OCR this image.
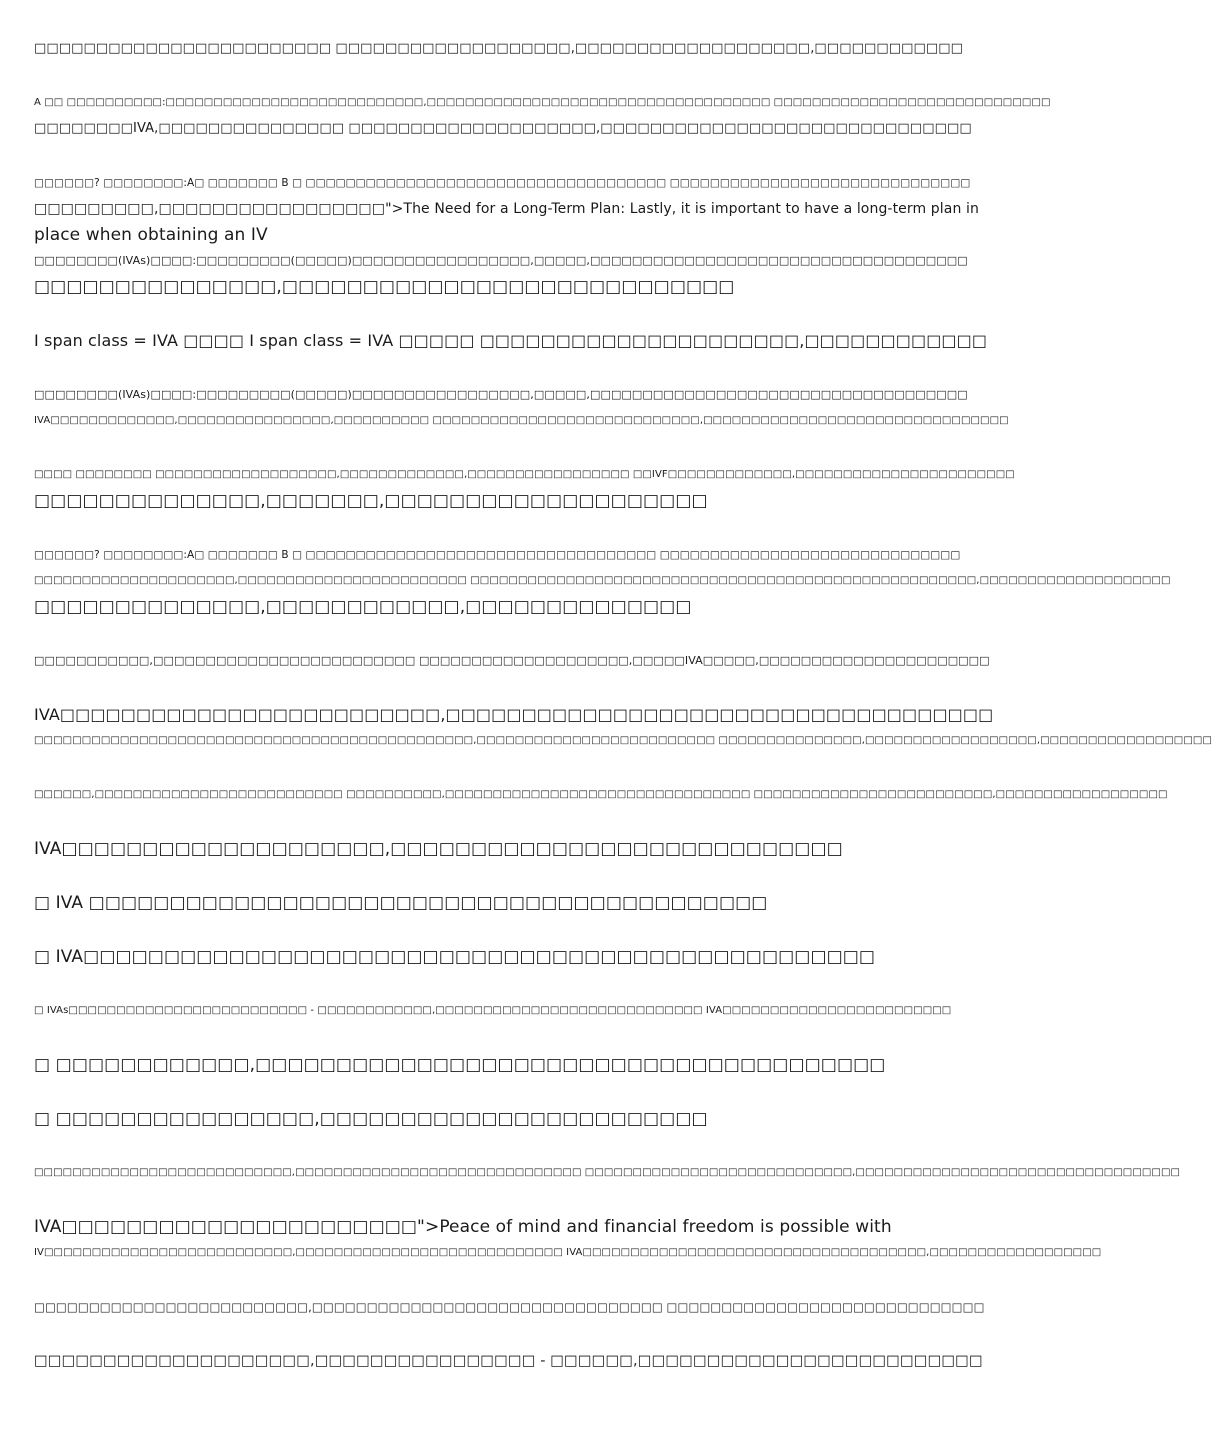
□□□□□□□□□□□□□□□□□□□□□□□□ □□□□□□□□□□□□□□□□□□□,□□□□□□□□□□□□□□□□□□□,□□□□□□□□□□□□

A □□ □□□□□□□□□□:□□□□□□□□□□□□□□□□□□□□□□□□□□□,□□□□□□□□□□□□□□□□□□□□□□□□□□□□□□□□□□□□ □□□□□□□□□□□□□□□□□□□□□□□□□□□□□
□□□□□□□□IVA,□□□□□□□□□□□□□□□ □□□□□□□□□□□□□□□□□□□□,□□□□□□□□□□□□□□□□□□□□□□□□□□□□□□

□□□□□□? □□□□□□□□:A□ □□□□□□□ B □ □□□□□□□□□□□□□□□□□□□□□□□□□□□□□□□□□□□□ □□□□□□□□□□□□□□□□□□□□□□□□□□□□□□
□□□□□□□□□,□□□□□□□□□□□□□□□□□">The Need for a Long-Term Plan: Lastly, it is important to have a long-term plan in
place when obtaining an IV
□□□□□□□□(IVAs)□□□□:□□□□□□□□□(□□□□□)□□□□□□□□□□□□□□□□□,□□□□□,□□□□□□□□□□□□□□□□□□□□□□□□□□□□□□□□□□□□
□□□□□□□□□□□□□□□,□□□□□□□□□□□□□□□□□□□□□□□□□□□□

I span class = IVA □□□□ I span class = IVA □□□□□ □□□□□□□□□□□□□□□□□□□□□,□□□□□□□□□□□□

□□□□□□□□(IVAs)□□□□:□□□□□□□□□(□□□□□)□□□□□□□□□□□□□□□□□,□□□□□,□□□□□□□□□□□□□□□□□□□□□□□□□□□□□□□□□□□□
IVA□□□□□□□□□□□□□,□□□□□□□□□□□□□□□□,□□□□□□□□□□ □□□□□□□□□□□□□□□□□□□□□□□□□□□□,□□□□□□□□□□□□□□□□□□□□□□□□□□□□□□□□

□□□□ □□□□□□□□ □□□□□□□□□□□□□□□□□□□,□□□□□□□□□□□□□,□□□□□□□□□□□□□□□□□ □□IVF□□□□□□□□□□□□□,□□□□□□□□□□□□□□□□□□□□□□□
□□□□□□□□□□□□□□,□□□□□□□,□□□□□□□□□□□□□□□□□□□□

□□□□□□? □□□□□□□□:A□ □□□□□□□ B □ □□□□□□□□□□□□□□□□□□□□□□□□□□□□□□□□□□□ □□□□□□□□□□□□□□□□□□□□□□□□□□□□□□
□□□□□□□□□□□□□□□□□□□□□,□□□□□□□□□□□□□□□□□□□□□□□□ □□□□□□□□□□□□□□□□□□□□□□□□□□□□□□□□□□□□□□□□□□□□□□□□□□□□□,□□□□□□□□□□□□□□□□□□□□
□□□□□□□□□□□□□□,□□□□□□□□□□□□,□□□□□□□□□□□□□□

□□□□□□□□□□□,□□□□□□□□□□□□□□□□□□□□□□□□□ □□□□□□□□□□□□□□□□□□□□,□□□□□IVA□□□□□,□□□□□□□□□□□□□□□□□□□□□□

IVA□□□□□□□□□□□□□□□□□□□□□□□□□,□□□□□□□□□□□□□□□□□□□□□□□□□□□□□□□□□□□□
□□□□□□□□□□□□□□□□□□□□□□□□□□□□□□□□□□□□□□□□□□□□□□,□□□□□□□□□□□□□□□□□□□□□□□□□ □□□□□□□□□□□□□□□,□□□□□□□□□□□□□□□□□□,□□□□□□□□□□□□□□□□□□

□□□□□□,□□□□□□□□□□□□□□□□□□□□□□□□□□ □□□□□□□□□□,□□□□□□□□□□□□□□□□□□□□□□□□□□□□□□□□ □□□□□□□□□□□□□□□□□□□□□□□□□,□□□□□□□□□□□□□□□□□□

IVA□□□□□□□□□□□□□□□□□□□□,□□□□□□□□□□□□□□□□□□□□□□□□□□□□

□ IVA □□□□□□□□□□□□□□□□□□□□□□□□□□□□□□□□□□□□□□□□□□

□ IVA□□□□□□□□□□□□□□□□□□□□□□□□□□□□□□□□□□□□□□□□□□□□□□□□□

□ IVAs□□□□□□□□□□□□□□□□□□□□□□□□□ - □□□□□□□□□□□□,□□□□□□□□□□□□□□□□□□□□□□□□□□□□ IVA□□□□□□□□□□□□□□□□□□□□□□□□

□ □□□□□□□□□□□□,□□□□□□□□□□□□□□□□□□□□□□□□□□□□□□□□□□□□□□□

□ □□□□□□□□□□□□□□□□,□□□□□□□□□□□□□□□□□□□□□□□□

□□□□□□□□□□□□□□□□□□□□□□□□□□□,□□□□□□□□□□□□□□□□□□□□□□□□□□□□□□ □□□□□□□□□□□□□□□□□□□□□□□□□□□□,□□□□□□□□□□□□□□□□□□□□□□□□□□□□□□□□□□

IVA□□□□□□□□□□□□□□□□□□□□□□">Peace of mind and financial freedom is possible with
IV□□□□□□□□□□□□□□□□□□□□□□□□□□,□□□□□□□□□□□□□□□□□□□□□□□□□□□□ IVA□□□□□□□□□□□□□□□□□□□□□□□□□□□□□□□□□□□□,□□□□□□□□□□□□□□□□□□

□□□□□□□□□□□□□□□□□□□□□□□□□,□□□□□□□□□□□□□□□□□□□□□□□□□□□□□□□□ □□□□□□□□□□□□□□□□□□□□□□□□□□□□□

□□□□□□□□□□□□□□□□□□□□,□□□□□□□□□□□□□□□□ - □□□□□□,□□□□□□□□□□□□□□□□□□□□□□□□□
